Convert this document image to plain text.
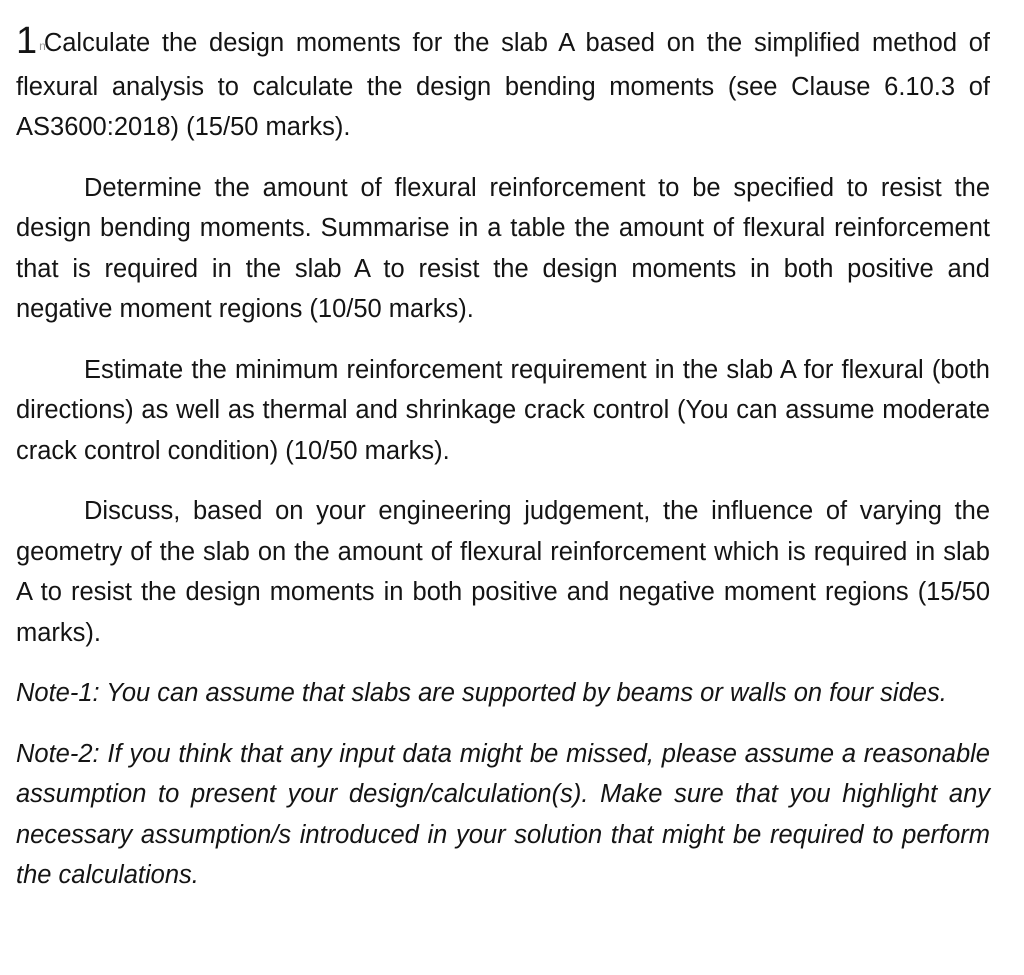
1 nCalculate the design moments for the slab A based on the simplified method of flexural analysis to calculate the design bending moments (see Clause 6.10.3 of AS3600:2018) (15/50 marks).

Determine the amount of flexural reinforcement to be specified to resist the design bending moments. Summarise in a table the amount of flexural reinforcement that is required in the slab A to resist the design moments in both positive and negative moment regions (10/50 marks).

Estimate the minimum reinforcement requirement in the slab A for flexural (both directions) as well as thermal and shrinkage crack control (You can assume moderate crack control condition) (10/50 marks).

Discuss, based on your engineering judgement, the influence of varying the geometry of the slab on the amount of flexural reinforcement which is required in slab A to resist the design moments in both positive and negative moment regions (15/50 marks).

Note-1: You can assume that slabs are supported by beams or walls on four sides.

Note-2: If you think that any input data might be missed, please assume a reasonable assumption to present your design/calculation(s). Make sure that you highlight any necessary assumption/s introduced in your solution that might be required to perform the calculations.
